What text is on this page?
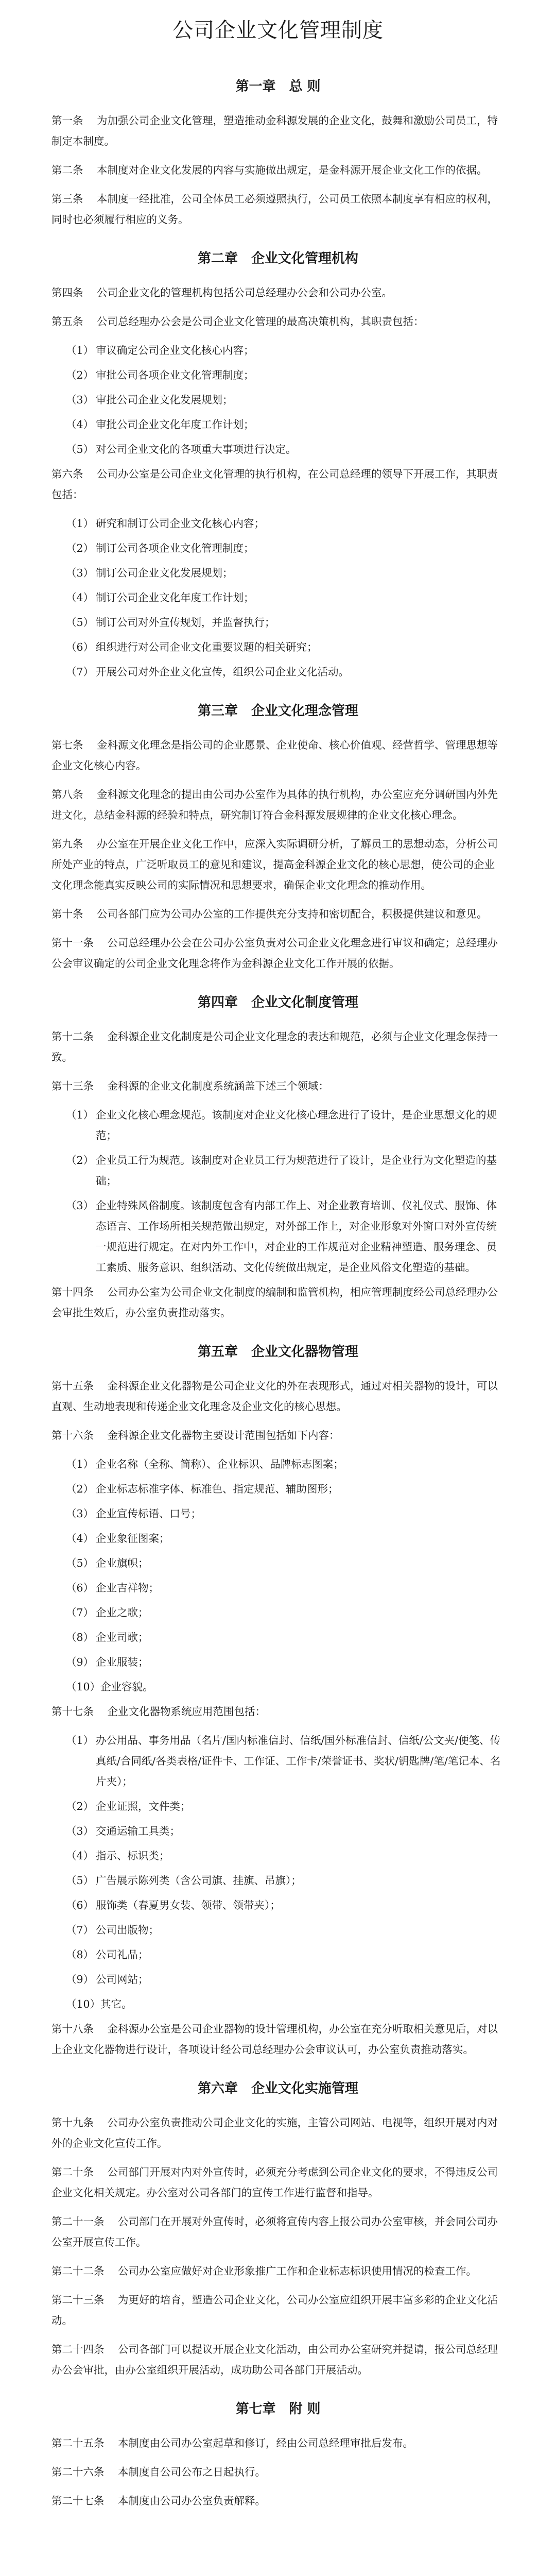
公司企业文化管理制度
第一章　总 则
第一条　 为加强公司企业文化管理，塑造推动金科源发展的企业文化，鼓舞和激励公司员工，特制定本制度。
第二条　 本制度对企业文化发展的内容与实施做出规定，是金科源开展企业文化工作的依据。
第三条　 本制度一经批准，公司全体员工必须遵照执行，公司员工依照本制度享有相应的权利，同时也必须履行相应的义务。
第二章　企业文化管理机构
第四条　 公司企业文化的管理机构包括公司总经理办公会和公司办公室。
第五条　 公司总经理办公会是公司企业文化管理的最高决策机构，其职责包括：
（1） 审议确定公司企业文化核心内容；
（2） 审批公司各项企业文化管理制度；
（3） 审批公司企业文化发展规划；
（4） 审批公司企业文化年度工作计划；
（5） 对公司企业文化的各项重大事项进行决定。
第六条　 公司办公室是公司企业文化管理的执行机构，在公司总经理的领导下开展工作，其职责包括：
（1） 研究和制订公司企业文化核心内容；
（2） 制订公司各项企业文化管理制度；
（3） 制订公司企业文化发展规划；
（4） 制订公司企业文化年度工作计划；
（5） 制订公司对外宣传规划，并监督执行；
（6） 组织进行对公司企业文化重要议题的相关研究；
（7） 开展公司对外企业文化宣传，组织公司企业文化活动。
第三章　企业文化理念管理
第七条　 金科源文化理念是指公司的企业愿景、企业使命、核心价值观、经营哲学、管理思想等企业文化核心内容。
第八条　 金科源文化理念的提出由公司办公室作为具体的执行机构，办公室应充分调研国内外先进文化，总结金科源的经验和特点，研究制订符合金科源发展规律的企业文化核心理念。
第九条　 办公室在开展企业文化工作中，应深入实际调研分析，了解员工的思想动态，分析公司所处产业的特点，广泛听取员工的意见和建议，提高金科源企业文化的核心思想，使公司的企业文化理念能真实反映公司的实际情况和思想要求，确保企业文化理念的推动作用。
第十条　 公司各部门应为公司办公室的工作提供充分支持和密切配合，积极提供建议和意见。
第十一条　 公司总经理办公会在公司办公室负责对公司企业文化理念进行审议和确定；总经理办公会审议确定的公司企业文化理念将作为金科源企业文化工作开展的依据。
第四章　企业文化制度管理
第十二条　 金科源企业文化制度是公司企业文化理念的表达和规范，必须与企业文化理念保持一致。
第十三条　 金科源的企业文化制度系统涵盖下述三个领域：
（1） 企业文化核心理念规范。该制度对企业文化核心理念进行了设计，是企业思想文化的规范；
（2） 企业员工行为规范。该制度对企业员工行为规范进行了设计，是企业行为文化塑造的基础；
（3） 企业特殊风俗制度。该制度包含有内部工作上、对企业教育培训、仪礼仪式、服饰、体态语言、工作场所相关规范做出规定，对外部工作上，对企业形象对外窗口对外宣传统一规范进行规定。在对内外工作中，对企业的工作规范对企业精神塑造、服务理念、员工素质、服务意识、组织活动、文化传统做出规定，是企业风俗文化塑造的基础。
第十四条　 公司办公室为公司企业文化制度的编制和监管机构，相应管理制度经公司总经理办公会审批生效后，办公室负责推动落实。
第五章　企业文化器物管理
第十五条　 金科源企业文化器物是公司企业文化的外在表现形式，通过对相关器物的设计，可以直观、生动地表现和传递企业文化理念及企业文化的核心思想。
第十六条　 金科源企业文化器物主要设计范围包括如下内容：
（1） 企业名称（全称、简称）、企业标识、品牌标志图案；
（2） 企业标志标准字体、标准色、指定规范、辅助图形；
（3） 企业宣传标语、口号；
（4） 企业象征图案；
（5） 企业旗帜；
（6） 企业吉祥物；
（7） 企业之歌；
（8） 企业司歌；
（9） 企业服装；
（10） 企业容貌。
第十七条　 企业文化器物系统应用范围包括：
（1） 办公用品、事务用品（名片/国内标准信封、信纸/国外标准信封、信纸/公文夹/便笺、传真纸/合同纸/各类表格/证件卡、工作证、工作卡/荣誉证书、奖状/钥匙牌/笔/笔记本、名片夹）；
（2） 企业证照，文件类；
（3） 交通运输工具类；
（4） 指示、标识类；
（5） 广告展示陈列类（含公司旗、挂旗、吊旗）；
（6） 服饰类（春夏男女装、领带、领带夹）；
（7） 公司出版物；
（8） 公司礼品；
（9） 公司网站；
（10） 其它。
第十八条　 金科源办公室是公司企业器物的设计管理机构，办公室在充分听取相关意见后，对以上企业文化器物进行设计，各项设计经公司总经理办公会审议认可，办公室负责推动落实。
第六章　企业文化实施管理
第十九条　 公司办公室负责推动公司企业文化的实施，主管公司网站、电视等，组织开展对内对外的企业文化宣传工作。
第二十条　 公司部门开展对内对外宣传时，必须充分考虑到公司企业文化的要求，不得违反公司企业文化相关规定。办公室对公司各部门的宣传工作进行监督和指导。
第二十一条　 公司部门在开展对外宣传时，必须将宣传内容上报公司办公室审核，并会同公司办公室开展宣传工作。
第二十二条　 公司办公室应做好对企业形象推广工作和企业标志标识使用情况的检查工作。
第二十三条　 为更好的培育，塑造公司企业文化，公司办公室应组织开展丰富多彩的企业文化活动。
第二十四条　 公司各部门可以提议开展企业文化活动，由公司办公室研究并提请，报公司总经理办公会审批，由办公室组织开展活动，成功助公司各部门开展活动。
第七章　附 则
第二十五条　 本制度由公司办公室起草和修订，经由公司总经理审批后发布。
第二十六条　 本制度自公司公布之日起执行。
第二十七条　 本制度由公司办公室负责解释。
